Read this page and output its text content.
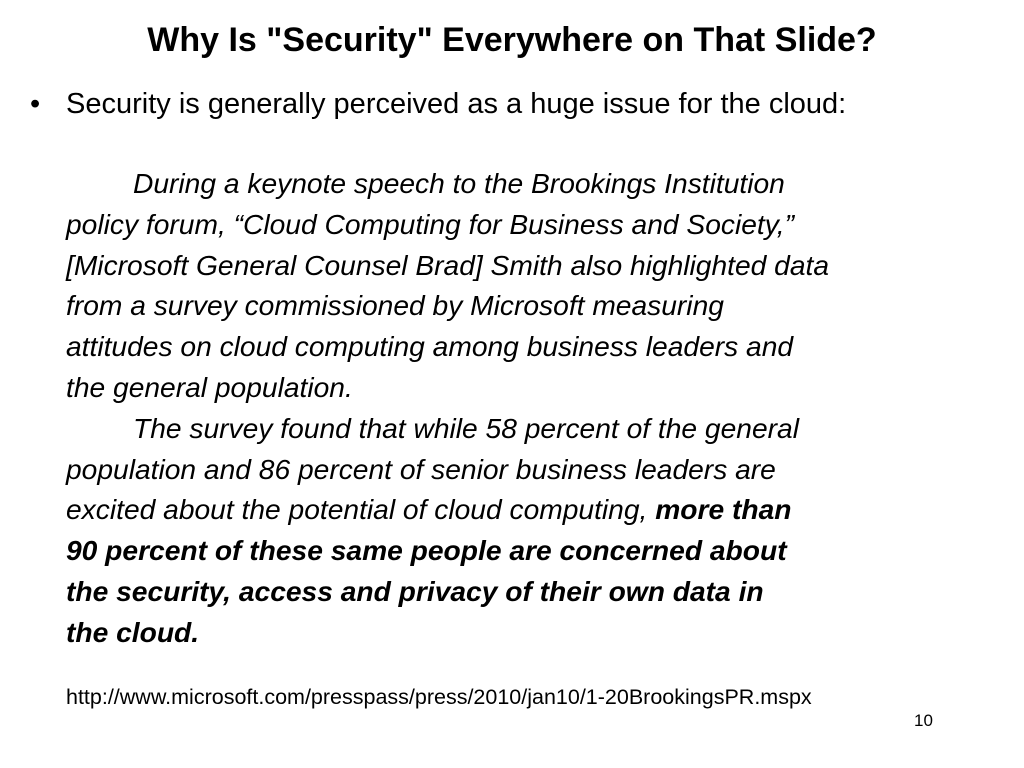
Why Is "Security" Everywhere on That Slide?
• Security is generally perceived as a huge issue for the cloud:
During a keynote speech to the Brookings Institution
policy forum, “Cloud Computing for Business and Society,”
[Microsoft General Counsel Brad] Smith also highlighted data
from a survey commissioned by Microsoft measuring
attitudes on cloud computing among business leaders and
the general population.
The survey found that while 58 percent of the general
population and 86 percent of senior business leaders are
excited about the potential of cloud computing, more than
90 percent of these same people are concerned about
the security, access and privacy of their own data in
the cloud.
http://www.microsoft.com/presspass/press/2010/jan10/1-20BrookingsPR.mspx
10
